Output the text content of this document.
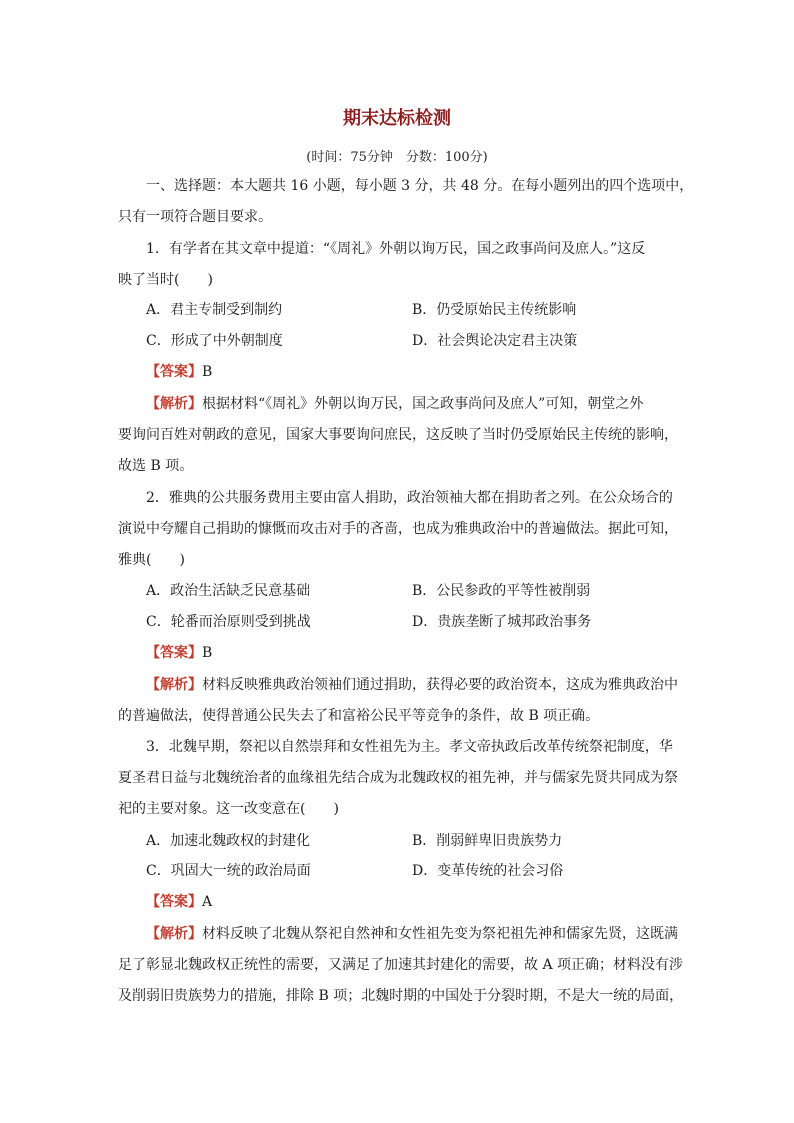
期末达标检测
(时间：75分钟　分数：100分)
一、选择题：本大题共 16 小题，每小题 3 分，共 48 分。在每小题列出的四个选项中，
只有一项符合题目要求。
1．有学者在其文章中提道：“《周礼》外朝以询万民，国之政事尚问及庶人。”这反
映了当时(　　)
A．君主专制受到制约	B．仍受原始民主传统影响
C．形成了中外朝制度	D．社会舆论决定君主决策
【答案】B
【解析】根据材料“《周礼》外朝以询万民，国之政事尚问及庶人”可知，朝堂之外
要询问百姓对朝政的意见，国家大事要询问庶民，这反映了当时仍受原始民主传统的影响，
故选 B 项。
2．雅典的公共服务费用主要由富人捐助，政治领袖大都在捐助者之列。在公众场合的
演说中夸耀自己捐助的慷慨而攻击对手的吝啬，也成为雅典政治中的普遍做法。据此可知，
雅典(　　)
A．政治生活缺乏民意基础	B．公民参政的平等性被削弱
C．轮番而治原则受到挑战	D．贵族垄断了城邦政治事务
【答案】B
【解析】材料反映雅典政治领袖们通过捐助，获得必要的政治资本，这成为雅典政治中
的普遍做法，使得普通公民失去了和富裕公民平等竞争的条件，故 B 项正确。
3．北魏早期，祭祀以自然崇拜和女性祖先为主。孝文帝执政后改革传统祭祀制度，华
夏圣君日益与北魏统治者的血缘祖先结合成为北魏政权的祖先神，并与儒家先贤共同成为祭
祀的主要对象。这一改变意在(　　)
A．加速北魏政权的封建化	B．削弱鲜卑旧贵族势力
C．巩固大一统的政治局面	D．变革传统的社会习俗
【答案】A
【解析】材料反映了北魏从祭祀自然神和女性祖先变为祭祀祖先神和儒家先贤，这既满
足了彰显北魏政权正统性的需要，又满足了加速其封建化的需要，故 A 项正确；材料没有涉
及削弱旧贵族势力的措施，排除 B 项；北魏时期的中国处于分裂时期，不是大一统的局面，
